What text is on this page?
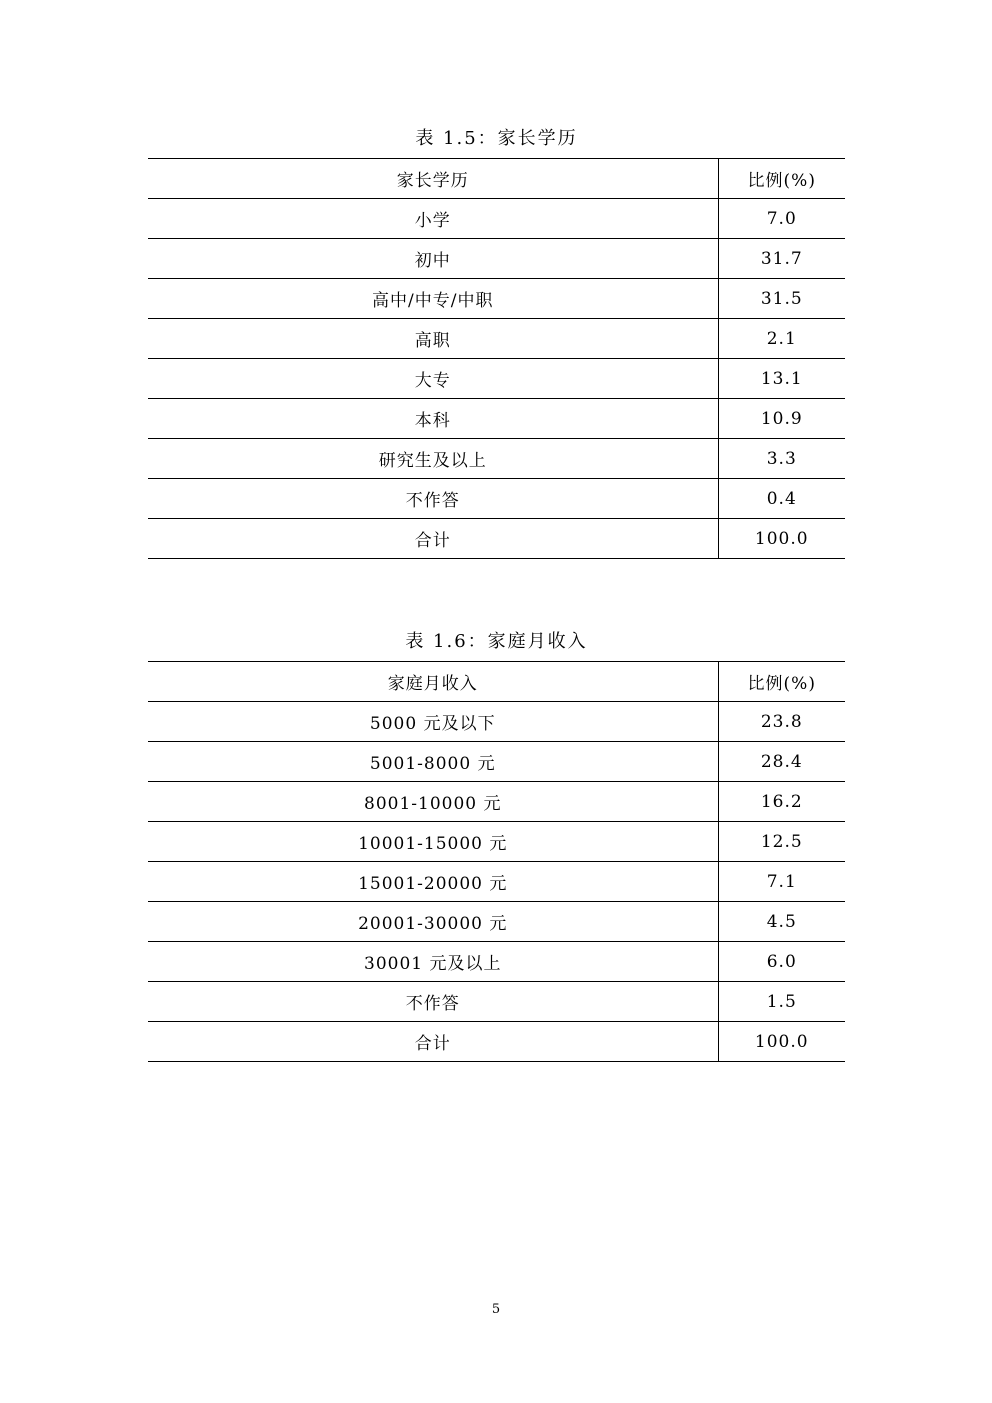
表 1.5：家长学历
家长学历	比例(%)
小学	7.0
初中	31.7
高中/中专/中职	31.5
高职	2.1
大专	13.1
本科	10.9
研究生及以上	3.3
不作答	0.4
合计	100.0
表 1.6：家庭月收入
家庭月收入	比例(%)
5000 元及以下	23.8
5001-8000 元	28.4
8001-10000 元	16.2
10001-15000 元	12.5
15001-20000 元	7.1
20001-30000 元	4.5
30001 元及以上	6.0
不作答	1.5
合计	100.0
5
